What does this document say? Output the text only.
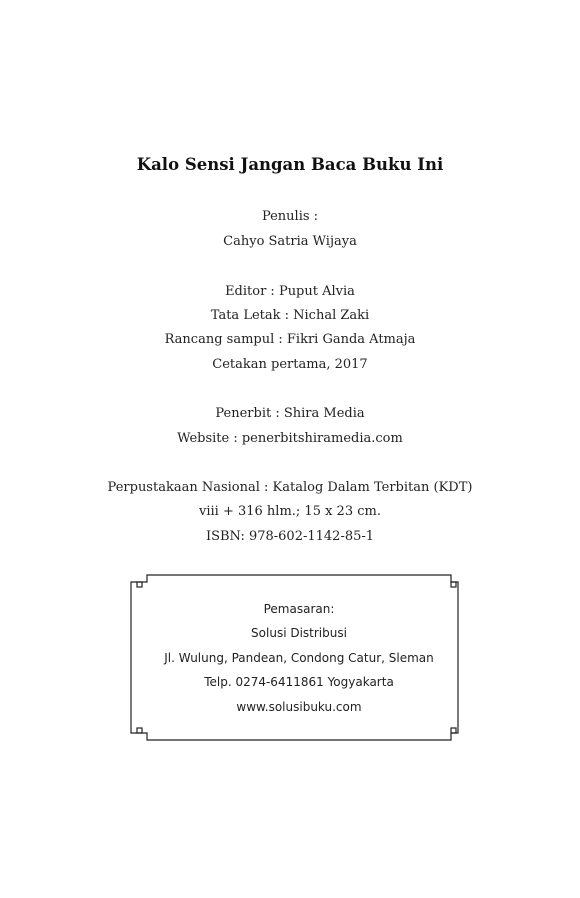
Kalo Sensi Jangan Baca Buku Ini
Penulis :
Cahyo Satria Wijaya
Editor : Puput Alvia
Tata Letak : Nichal Zaki
Rancang sampul : Fikri Ganda Atmaja
Cetakan pertama, 2017
Penerbit : Shira Media
Website : penerbitshiramedia.com
Perpustakaan Nasional : Katalog Dalam Terbitan (KDT)
viii + 316 hlm.; 15 x 23 cm.
ISBN: 978-602-1142-85-1
Pemasaran:
Solusi Distribusi
Jl. Wulung, Pandean, Condong Catur, Sleman
Telp. 0274-6411861 Yogyakarta
www.solusibuku.com
